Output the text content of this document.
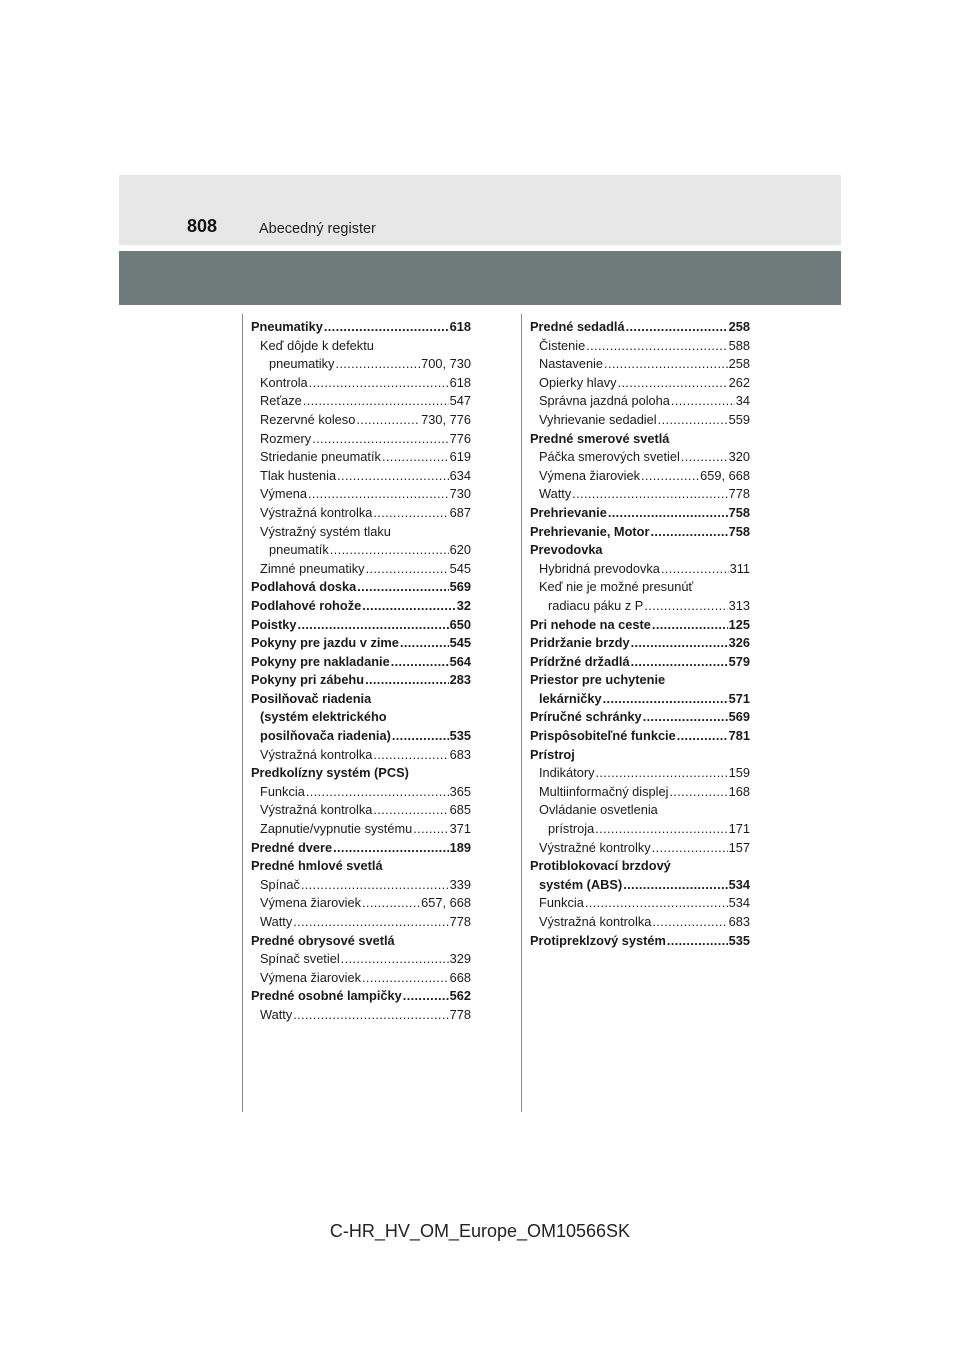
808	Abecedný register
Pneumatiky . . .	618
Keď dôjde k defektu
pneumatiky . . .	700, 730
Kontrola . . .	618
Reťaze . . .	547
Rezervné koleso . . .	730, 776
Rozmery . . .	776
Striedanie pneumatík . . .	619
Tlak hustenia . . .	634
Výmena . . .	730
Výstražná kontrolka . . .	687
Výstražný systém tlaku
pneumatík . . .	620
Zimné pneumatiky . . .	545
Podlahová doska . . .	569
Podlahové rohože . . .	32
Poistky . . .	650
Pokyny pre jazdu v zime . . .	545
Pokyny pre nakladanie . . .	564
Pokyny pri zábehu . . .	283
Posilňovač riadenia
(systém elektrického
posilňovača riadenia) . . .	535
Výstražná kontrolka . . .	683
Predkolízny systém (PCS)
Funkcia . . .	365
Výstražná kontrolka . . .	685
Zapnutie/vypnutie systému . . .	371
Predné dvere . . .	189
Predné hmlové svetlá
Spínač . . .	339
Výmena žiaroviek . . .	657, 668
Watty . . .	778
Predné obrysové svetlá
Spínač svetiel . . .	329
Výmena žiaroviek . . .	668
Predné osobné lampičky . . .	562
Watty . . .	778
Predné sedadlá . . .	258
Čistenie . . .	588
Nastavenie . . .	258
Opierky hlavy . . .	262
Správna jazdná poloha . . .	34
Vyhrievanie sedadiel . . .	559
Predné smerové svetlá
Páčka smerových svetiel . . .	320
Výmena žiaroviek . . .	659, 668
Watty . . .	778
Prehrievanie . . .	758
Prehrievanie, Motor . . .	758
Prevodovka
Hybridná prevodovka . . .	311
Keď nie je možné presunúť
radiacu páku z P . . .	313
Pri nehode na ceste . . .	125
Pridržanie brzdy . . .	326
Prídržné držadlá . . .	579
Priestor pre uchytenie
lekárničky . . .	571
Príručné schránky . . .	569
Prispôsobiteľné funkcie . . .	781
Prístroj
Indikátory . . .	159
Multiinformačný displej . . .	168
Ovládanie osvetlenia
prístroja . . .	171
Výstražné kontrolky . . .	157
Protiblokovací brzdový
systém (ABS) . . .	534
Funkcia . . .	534
Výstražná kontrolka . . .	683
Protipreklzový systém . . .	535
C-HR_HV_OM_Europe_OM10566SK
